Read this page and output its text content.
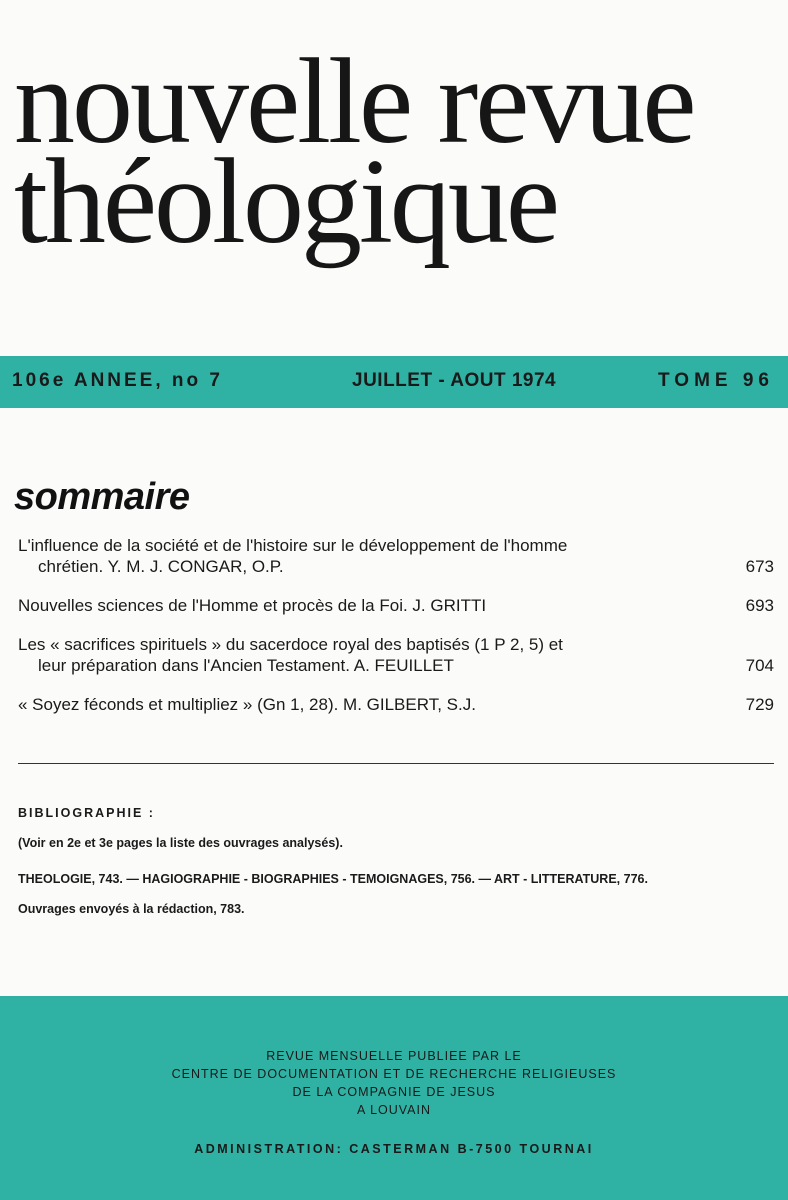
nouvelle revue
théologique
106e ANNEE, no 7	JUILLET - AOUT 1974	TOME 96
sommaire
L'influence de la société et de l'histoire sur le développement de l'homme
chrétien. Y. M. J. CONGAR, O.P.	673
Nouvelles sciences de l'Homme et procès de la Foi. J. GRITTI	693
Les « sacrifices spirituels » du sacerdoce royal des baptisés (1 P 2, 5) et
leur préparation dans l'Ancien Testament. A. FEUILLET	704
« Soyez féconds et multipliez » (Gn 1, 28). M. GILBERT, S.J.	729
BIBLIOGRAPHIE :
(Voir en 2e et 3e pages la liste des ouvrages analysés).
THEOLOGIE, 743. — HAGIOGRAPHIE - BIOGRAPHIES - TEMOIGNAGES, 756. — ART - LITTERATURE, 776.
Ouvrages envoyés à la rédaction, 783.
REVUE MENSUELLE PUBLIEE PAR LE
CENTRE DE DOCUMENTATION ET DE RECHERCHE RELIGIEUSES
DE LA COMPAGNIE DE JESUS
A LOUVAIN
ADMINISTRATION: CASTERMAN B-7500 TOURNAI
